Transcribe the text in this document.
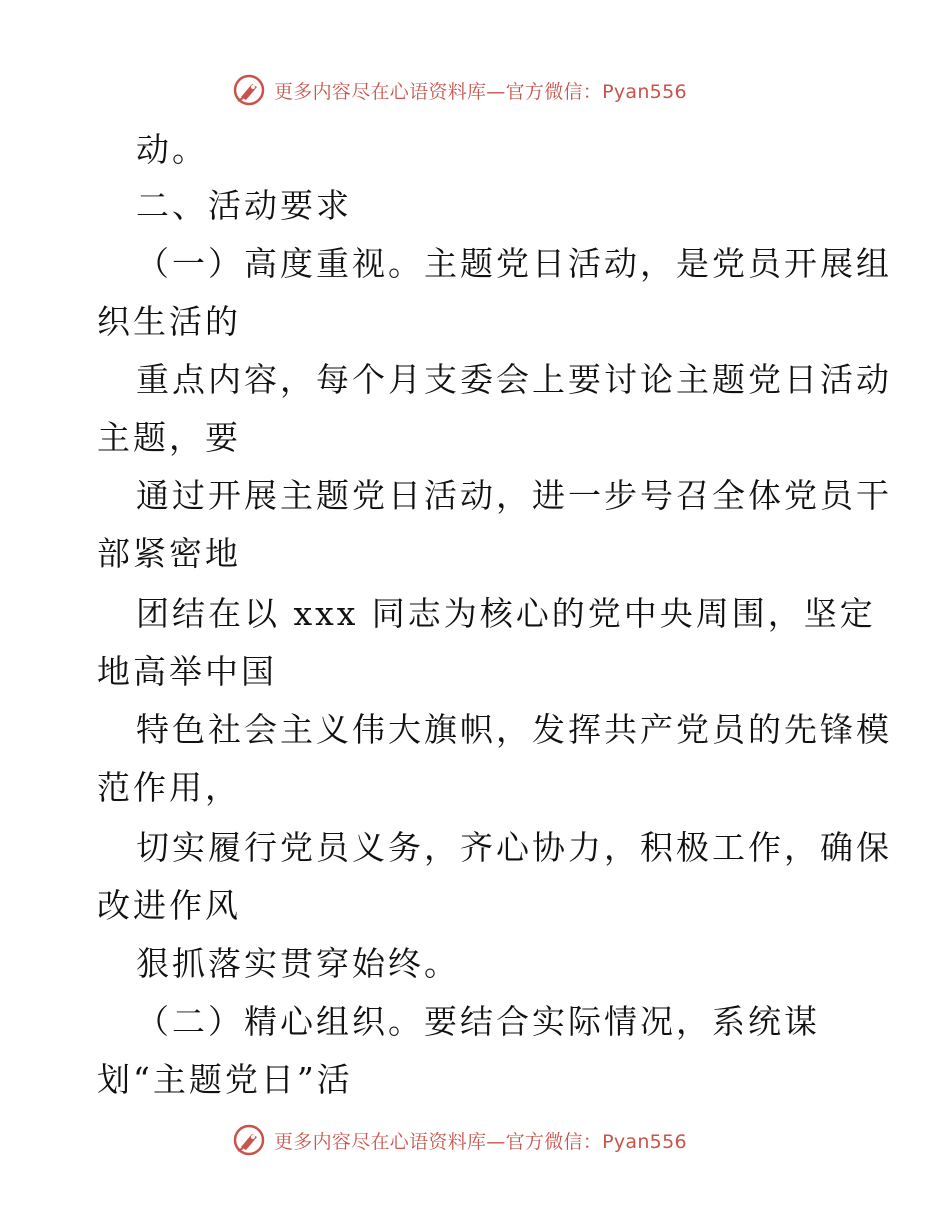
更多内容尽在心语资料库—官方微信：Pyan556
动。
二、活动要求
（一）高度重视。主题党日活动，是党员开展组
织生活的
重点内容，每个月支委会上要讨论主题党日活动
主题，要
通过开展主题党日活动，进一步号召全体党员干
部紧密地
团结在以 xxx 同志为核心的党中央周围，坚定
地高举中国
特色社会主义伟大旗帜，发挥共产党员的先锋模
范作用，
切实履行党员义务，齐心协力，积极工作，确保
改进作风
狠抓落实贯穿始终。
（二）精心组织。要结合实际情况，系统谋
划“主题党日”活
更多内容尽在心语资料库—官方微信：Pyan556
